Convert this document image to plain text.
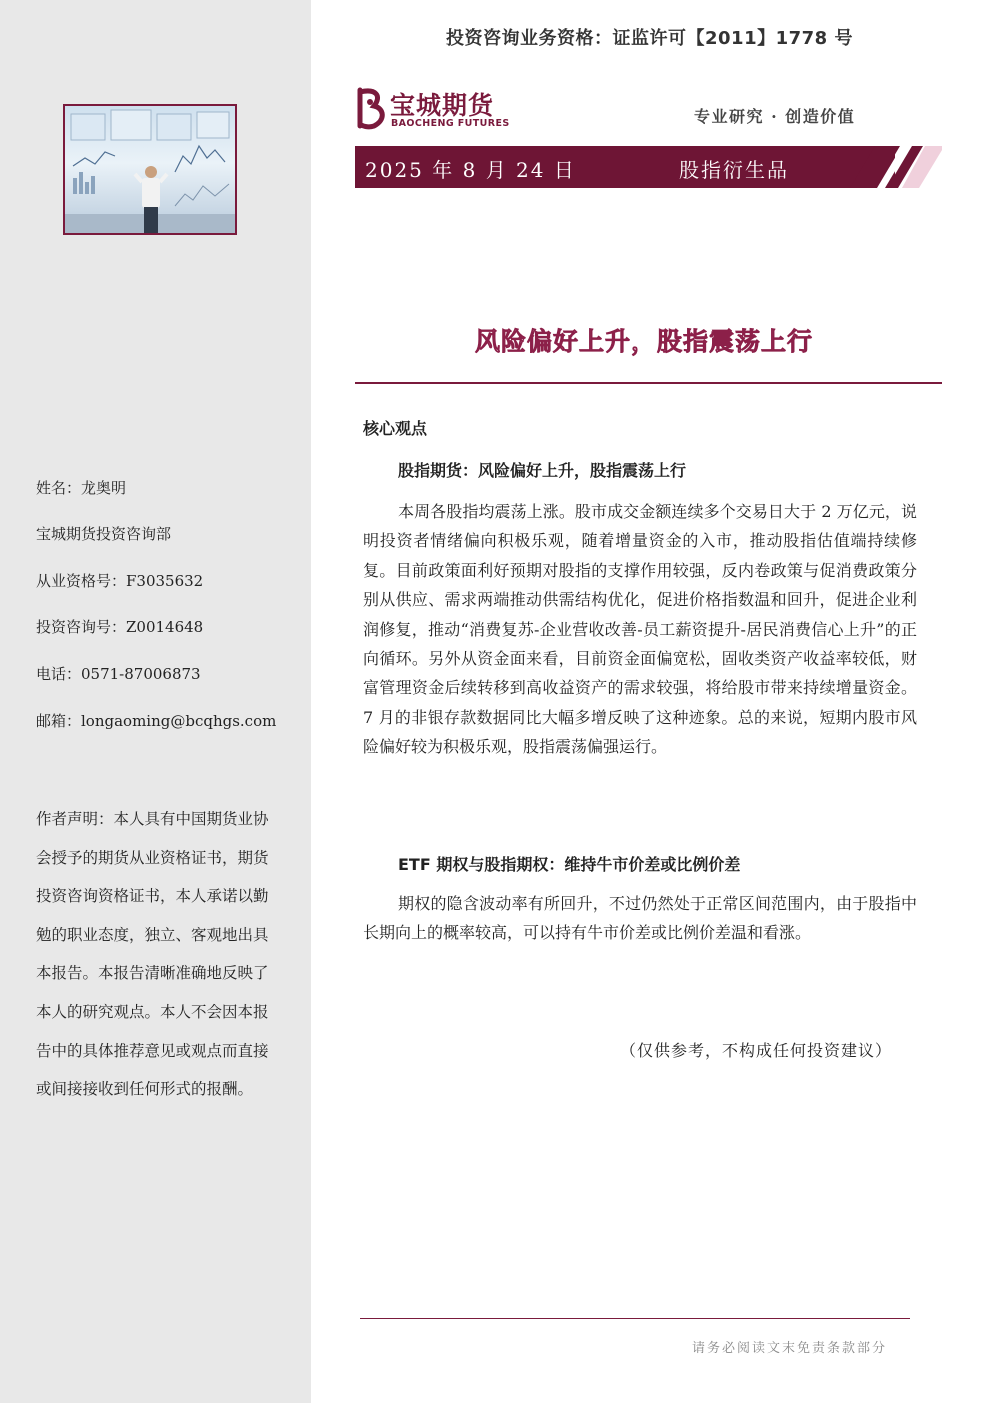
姓名：龙奥明
宝城期货投资咨询部
从业资格号：F3035632
投资咨询号：Z0014648
电话：0571-87006873
邮箱：longaoming@bcqhgs.com
作者声明：本人具有中国期货业协会授予的期货从业资格证书，期货投资咨询资格证书，本人承诺以勤勉的职业态度，独立、客观地出具本报告。本报告清晰准确地反映了本人的研究观点。本人不会因本报告中的具体推荐意见或观点而直接或间接接收到任何形式的报酬。
投资咨询业务资格：证监许可【2011】1778 号
宝城期货
BAOCHENG FUTURES	专业研究 · 创造价值
2025 年 8 月 24 日	股指衍生品
风险偏好上升，股指震荡上行
核心观点
股指期货：风险偏好上升，股指震荡上行
本周各股指均震荡上涨。股市成交金额连续多个交易日大于 2 万亿元，说明投资者情绪偏向积极乐观，随着增量资金的入市，推动股指估值端持续修复。目前政策面利好预期对股指的支撑作用较强，反内卷政策与促消费政策分别从供应、需求两端推动供需结构优化，促进价格指数温和回升，促进企业利润修复，推动“消费复苏-企业营收改善-员工薪资提升-居民消费信心上升”的正向循环。另外从资金面来看，目前资金面偏宽松，固收类资产收益率较低，财富管理资金后续转移到高收益资产的需求较强，将给股市带来持续增量资金。7 月的非银存款数据同比大幅多增反映了这种迹象。总的来说，短期内股市风险偏好较为积极乐观，股指震荡偏强运行。
ETF 期权与股指期权：维持牛市价差或比例价差
期权的隐含波动率有所回升，不过仍然处于正常区间范围内，由于股指中长期向上的概率较高，可以持有牛市价差或比例价差温和看涨。
（仅供参考，不构成任何投资建议）
请务必阅读文末免责条款部分
